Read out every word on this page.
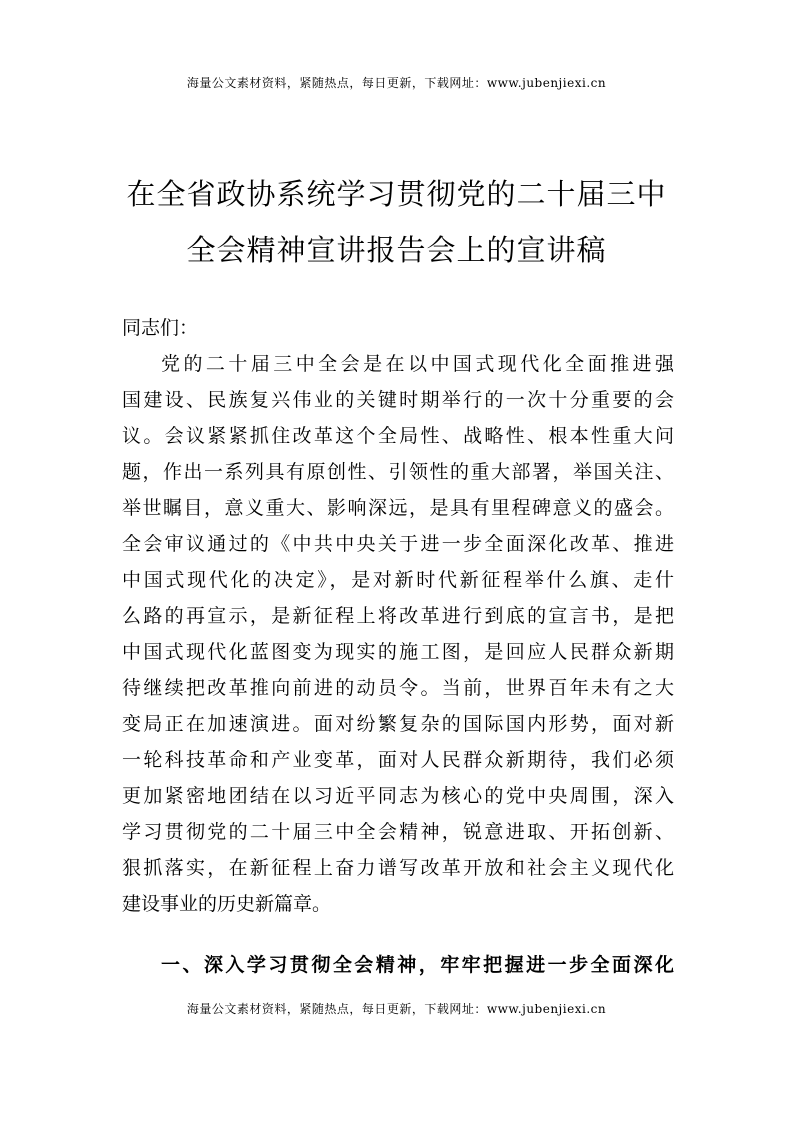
海量公文素材资料，紧随热点，每日更新，下载网址：www.jubenjiexi.cn
在全省政协系统学习贯彻党的二十届三中
全会精神宣讲报告会上的宣讲稿
同志们：
党的二十届三中全会是在以中国式现代化全面推进强
国建设、民族复兴伟业的关键时期举行的一次十分重要的会
议。会议紧紧抓住改革这个全局性、战略性、根本性重大问
题，作出一系列具有原创性、引领性的重大部署，举国关注、
举世瞩目，意义重大、影响深远，是具有里程碑意义的盛会。
全会审议通过的《中共中央关于进一步全面深化改革、推进
中国式现代化的决定》，是对新时代新征程举什么旗、走什
么路的再宣示，是新征程上将改革进行到底的宣言书，是把
中国式现代化蓝图变为现实的施工图，是回应人民群众新期
待继续把改革推向前进的动员令。当前，世界百年未有之大
变局正在加速演进。面对纷繁复杂的国际国内形势，面对新
一轮科技革命和产业变革，面对人民群众新期待，我们必须
更加紧密地团结在以习近平同志为核心的党中央周围，深入
学习贯彻党的二十届三中全会精神，锐意进取、开拓创新、
狠抓落实，在新征程上奋力谱写改革开放和社会主义现代化
建设事业的历史新篇章。
一、深入学习贯彻全会精神，牢牢把握进一步全面深化
海量公文素材资料，紧随热点，每日更新，下载网址：www.jubenjiexi.cn
